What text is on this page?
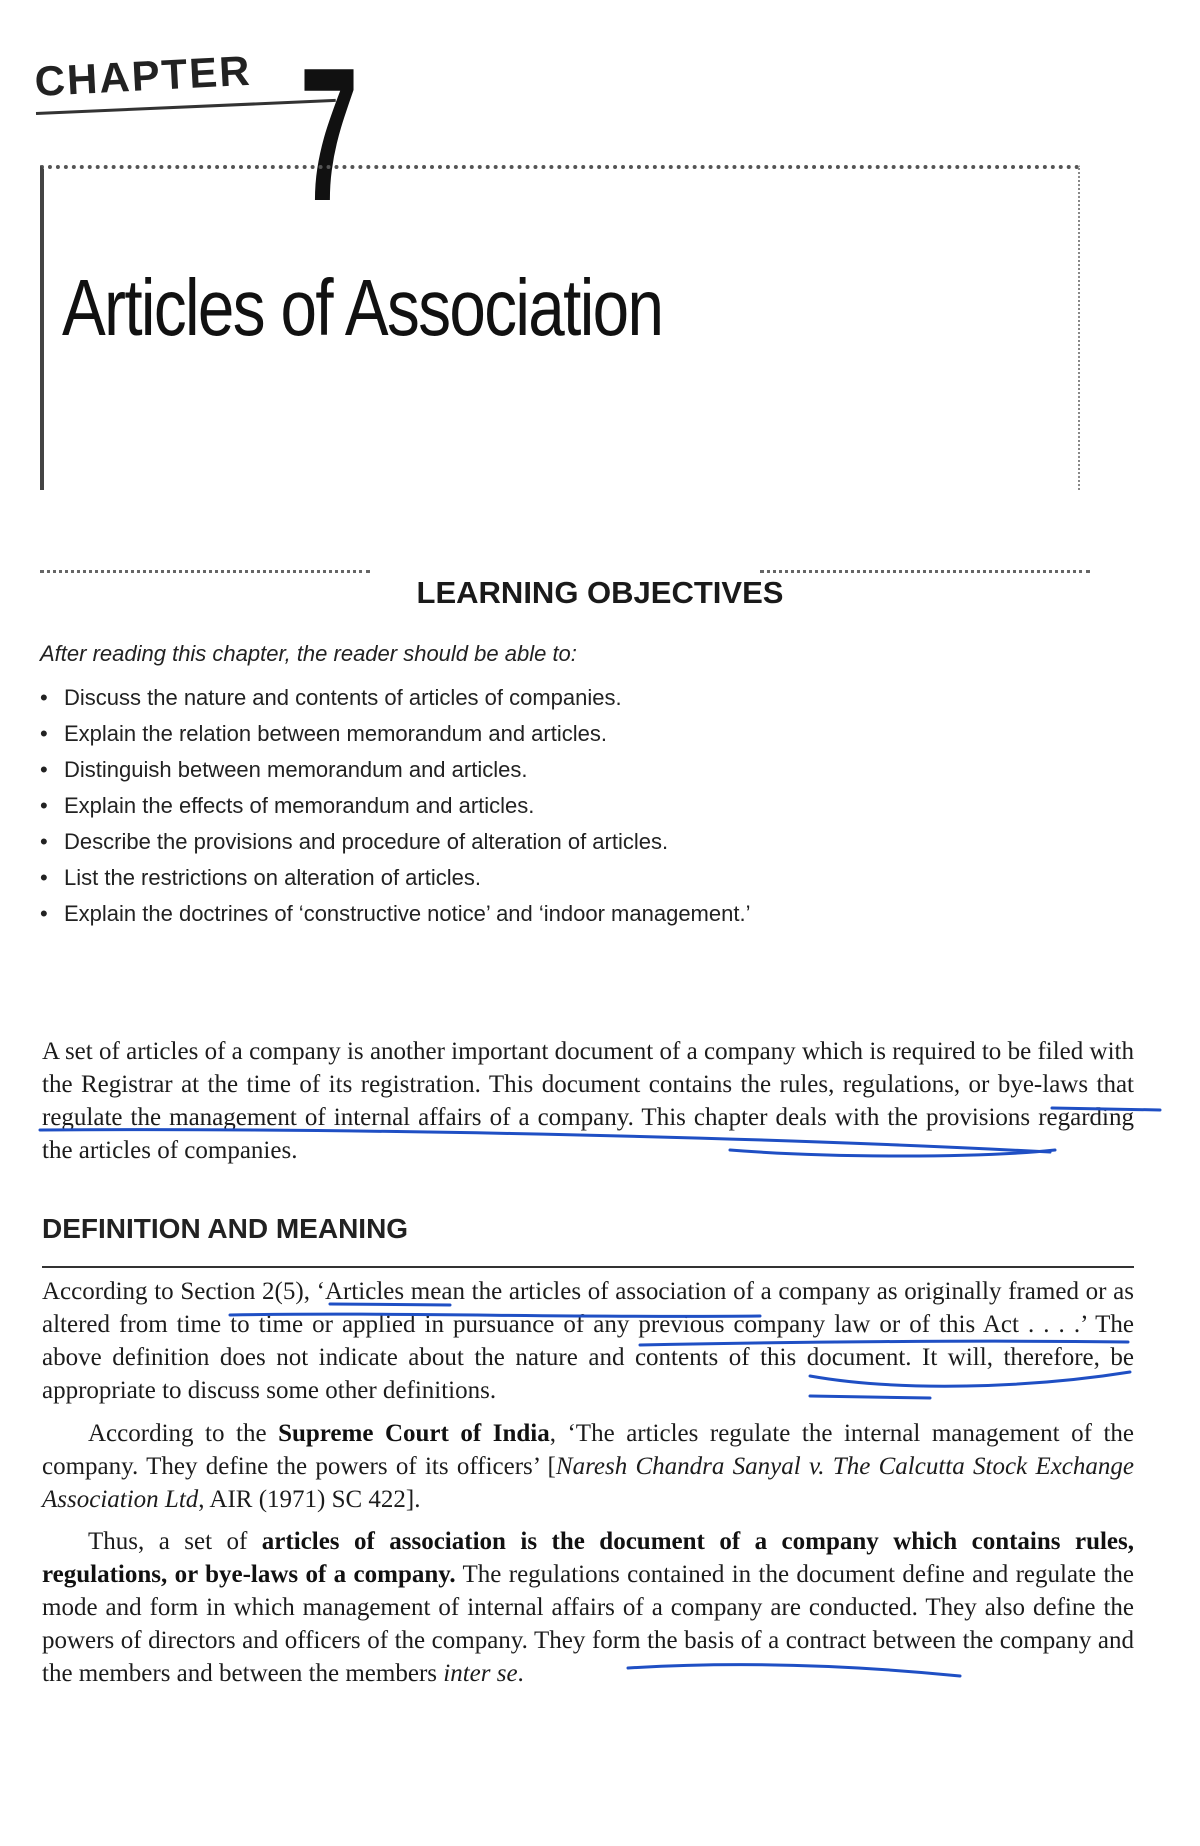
CHAPTER 7
Articles of Association
LEARNING OBJECTIVES
After reading this chapter, the reader should be able to:
• Discuss the nature and contents of articles of companies.
• Explain the relation between memorandum and articles.
• Distinguish between memorandum and articles.
• Explain the effects of memorandum and articles.
• Describe the provisions and procedure of alteration of articles.
• List the restrictions on alteration of articles.
• Explain the doctrines of ‘constructive notice’ and ‘indoor management.’

A set of articles of a company is another important document of a company which is required to be filed with the Registrar at the time of its registration. This document contains the rules, regulations, or bye-laws that regulate the management of internal affairs of a company. This chapter deals with the provisions regarding the articles of companies.

DEFINITION AND MEANING

According to Section 2(5), ‘Articles mean the articles of association of a company as originally framed or as altered from time to time or applied in pursuance of any previous company law or of this Act . . . .’ The above definition does not indicate about the nature and contents of this document. It will, therefore, be appropriate to discuss some other definitions.

According to the Supreme Court of India, ‘The articles regulate the internal management of the company. They define the powers of its officers’ [Naresh Chandra Sanyal v. The Calcutta Stock Exchange Association Ltd, AIR (1971) SC 422].

Thus, a set of articles of association is the document of a company which contains rules, regulations, or bye-laws of a company. The regulations contained in the document define and regulate the mode and form in which management of internal affairs of a company are conducted. They also define the powers of directors and officers of the company. They form the basis of a contract between the company and the members and between the members inter se.
